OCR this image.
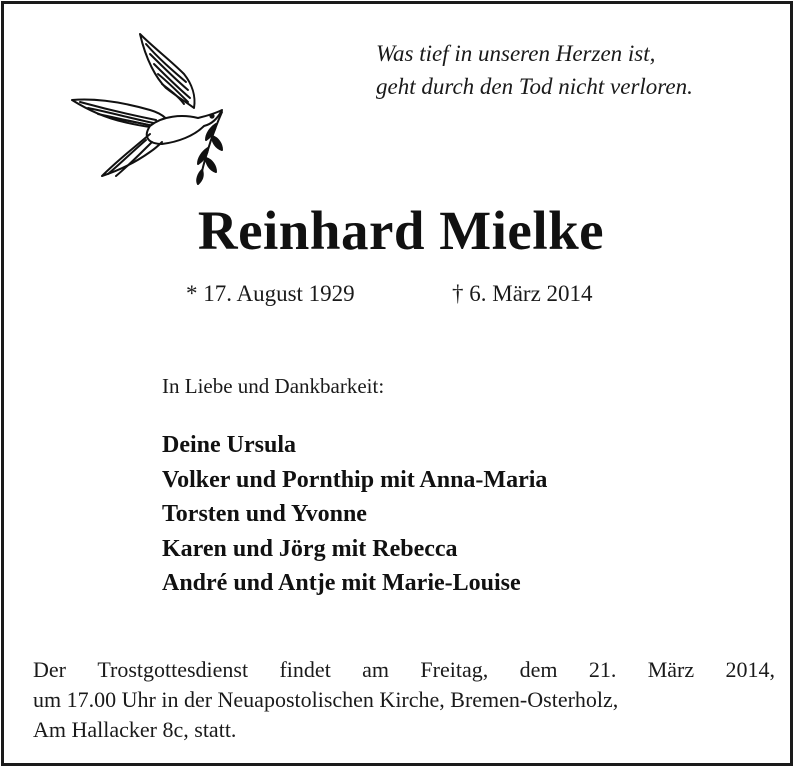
Was tief in unseren Herzen ist,
geht durch den Tod nicht verloren.
Reinhard Mielke
* 17. August 1929	† 6. März 2014
In Liebe und Dankbarkeit:
Deine Ursula
Volker und Pornthip mit Anna-Maria
Torsten und Yvonne
Karen und Jörg mit Rebecca
André und Antje mit Marie-Louise
Der Trostgottesdienst findet am Freitag, dem 21. März 2014,
um 17.00 Uhr in der Neuapostolischen Kirche, Bremen-Osterholz,
Am Hallacker 8c, statt.
